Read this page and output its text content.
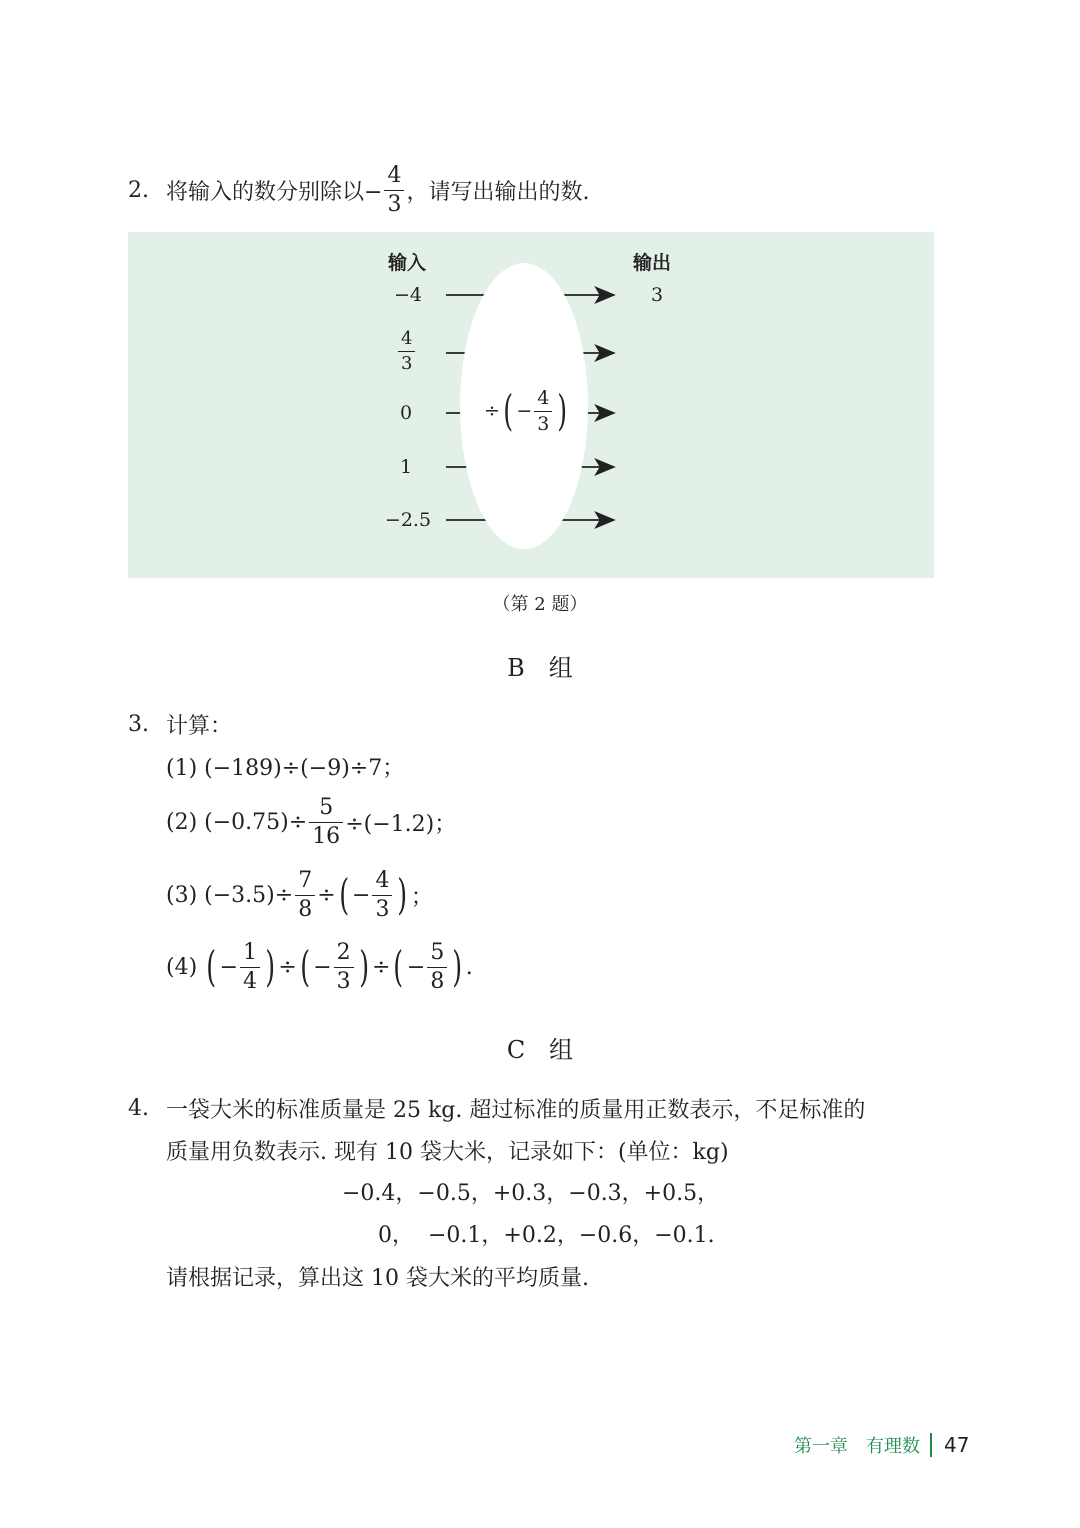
2. 将输入的数分别除以− $\frac{4}{3}$ ，请写出输出的数.
输入	输出
−4
$\frac{4}{3}$
0
1
−2.5
3
÷ ( − $\frac{4}{3}$ )
（第 2 题）
B　组
3. 计算：
(1) (−189)÷(−9)÷7；
(2) $(-0.75)\div \frac{5}{16} \div(-1.2)$；
(3) $(-3.5)\div \frac{7}{8}$ ÷ ( − $\frac{4}{3}$ ) ；
(4) ( − $\frac{1}{4}$ ) ÷ ( − $\frac{2}{3}$ ) ÷ ( − $\frac{5}{8}$ ) .
C　组
4. 一袋大米的标准质量是 25 kg. 超过标准的质量用正数表示，不足标准的
质量用负数表示. 现有 10 袋大米，记录如下：(单位：kg)
−0.4，−0.5，+0.3，−0.3，+0.5，
0，  −0.1，+0.2，−0.6，−0.1.
请根据记录，算出这 10 袋大米的平均质量.
第一章　有理数 47
